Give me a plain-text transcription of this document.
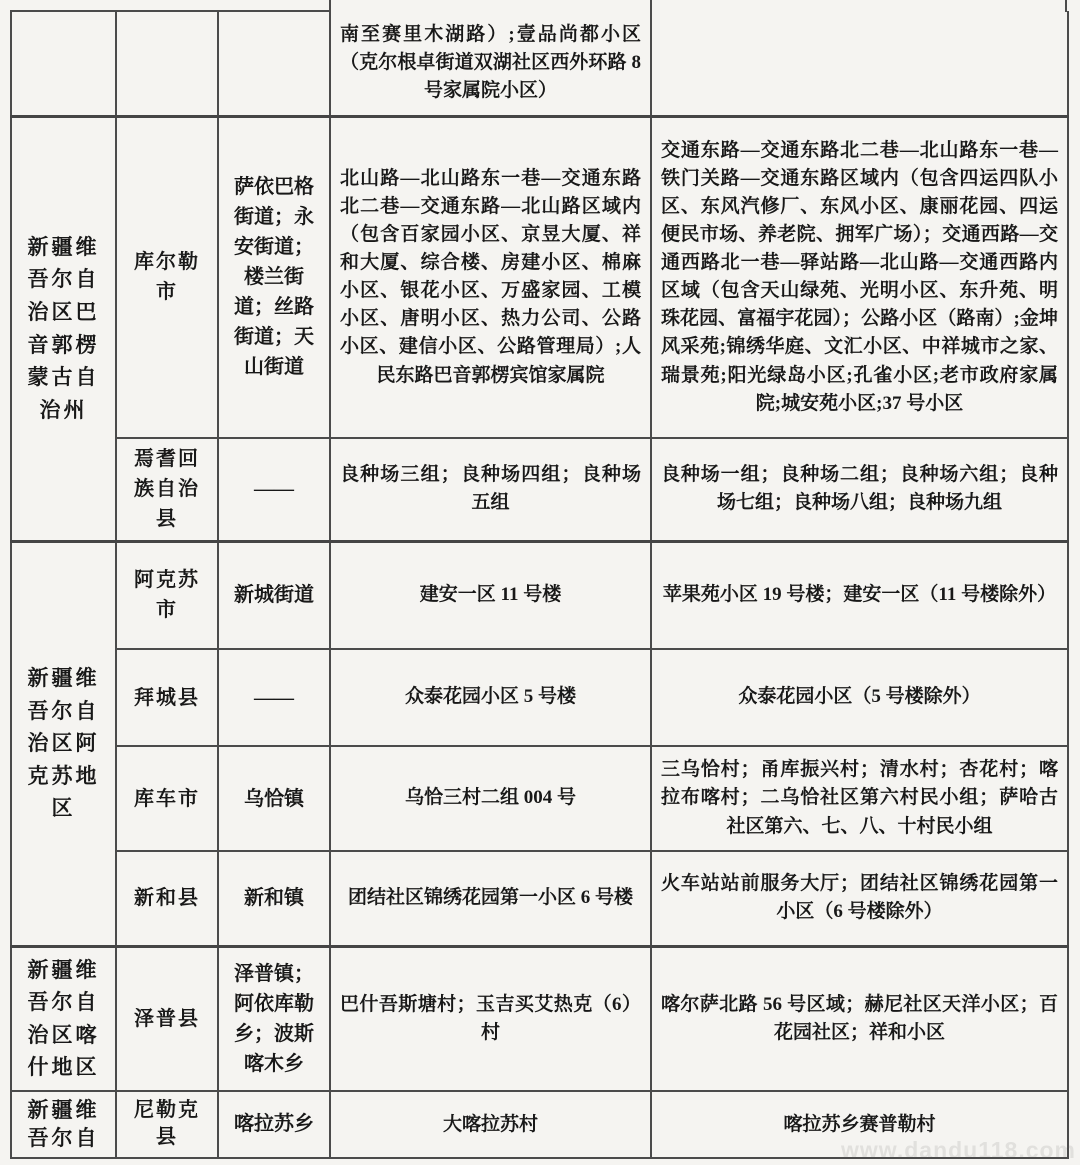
			南至赛里木湖路）;壹品尚都小区（克尔根卓街道双湖社区西外环路 8 号家属院小区）	
新疆维吾尔自治区巴音郭楞蒙古自治州	库尔勒市	萨依巴格街道；永安街道；楼兰街道；丝路街道；天山街道	北山路—北山路东一巷—交通东路北二巷—交通东路—北山路区域内（包含百家园小区、京昱大厦、祥和大厦、综合楼、房建小区、棉麻小区、银花小区、万盛家园、工模小区、唐明小区、热力公司、公路小区、建信小区、公路管理局）;人民东路巴音郭楞宾馆家属院	交通东路—交通东路北二巷—北山路东一巷—铁门关路—交通东路区域内（包含四运四队小区、东风汽修厂、东风小区、康丽花园、四运便民市场、养老院、拥军广场）；交通西路—交通西路北一巷—驿站路—北山路—交通西路内区域（包含天山绿苑、光明小区、东升苑、明珠花园、富福宇花园）；公路小区（路南）;金坤风采苑;锦绣华庭、文汇小区、中祥城市之家、瑞景苑;阳光绿岛小区;孔雀小区;老市政府家属院;城安苑小区;37 号小区
	焉耆回族自治县	——	良种场三组；良种场四组；良种场五组	良种场一组；良种场二组；良种场六组；良种场七组；良种场八组；良种场九组
新疆维吾尔自治区阿克苏地区	阿克苏市	新城街道	建安一区 11 号楼	苹果苑小区 19 号楼；建安一区（11 号楼除外）
	拜城县	——	众泰花园小区 5 号楼	众泰花园小区（5 号楼除外）
	库车市	乌恰镇	乌恰三村二组 004 号	三乌恰村；甬库振兴村；清水村；杏花村；喀拉布喀村；二乌恰社区第六村民小组；萨哈古社区第六、七、八、十村民小组
	新和县	新和镇	团结社区锦绣花园第一小区 6 号楼	火车站站前服务大厅；团结社区锦绣花园第一小区（6 号楼除外）
新疆维吾尔自治区喀什地区	泽普县	泽普镇；阿依库勒乡；波斯喀木乡	巴什吾斯塘村；玉吉买艾热克（6）村	喀尔萨北路 56 号区域；赫尼社区天洋小区；百花园社区；祥和小区
新疆维吾尔自	尼勒克县	喀拉苏乡	大喀拉苏村	喀拉苏乡赛普勒村
www.dandu118.com
